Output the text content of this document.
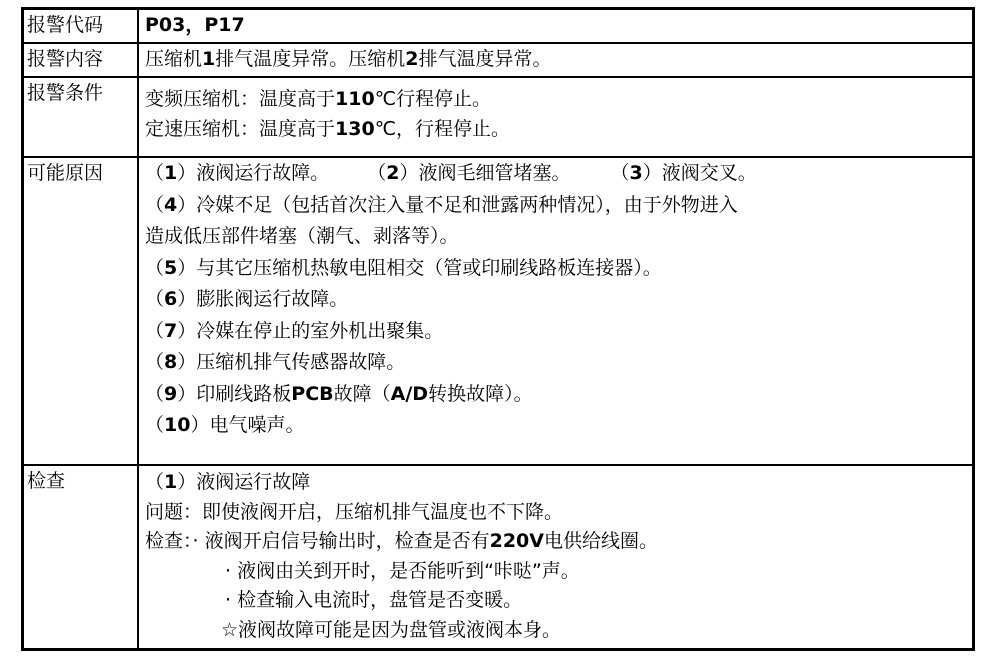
报警代码	P03，P17
报警内容	压缩机1排气温度异常。压缩机2排气温度异常。
报警条件	变频压缩机：温度高于110℃行程停止。
定速压缩机：温度高于130℃，行程停止。
可能原因	（1）液阀运行故障。 （2）液阀毛细管堵塞。 （3）液阀交叉。
（4）冷媒不足（包括首次注入量不足和泄露两种情况），由于外物进入
造成低压部件堵塞（潮气、剥落等）。
（5）与其它压缩机热敏电阻相交（管或印刷线路板连接器）。
（6）膨胀阀运行故障。
（7）冷媒在停止的室外机出聚集。
（8）压缩机排气传感器故障。
（9）印刷线路板PCB故障（A/D转换故障）。
（10）电气噪声。
检查	（1）液阀运行故障
问题：即使液阀开启，压缩机排气温度也不下降。
检查：· 液阀开启信号输出时，检查是否有220V电供给线圈。
· 液阀由关到开时，是否能听到“咔哒”声。
· 检查输入电流时，盘管是否变暖。
☆液阀故障可能是因为盘管或液阀本身。
